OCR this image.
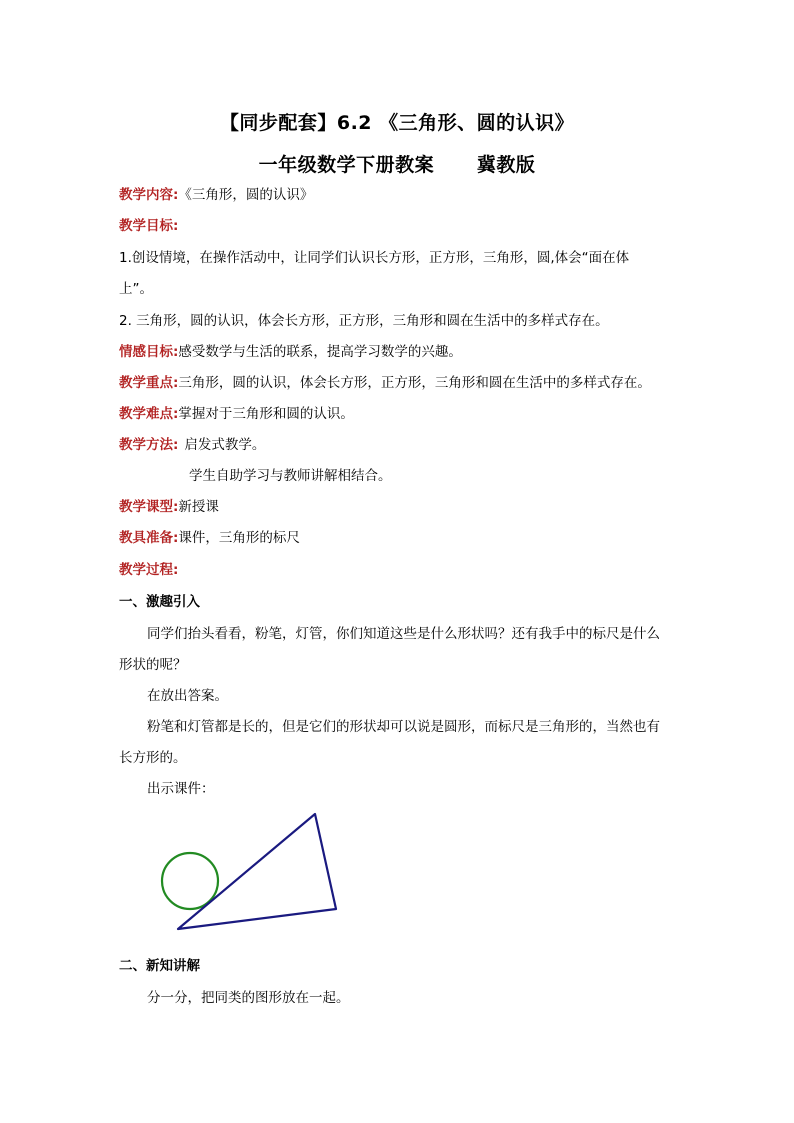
【同步配套】6.2 《三角形、圆的认识》
一年级数学下册教案      冀教版
教学内容:《三角形，圆的认识》
教学目标:
1.创设情境，在操作活动中，让同学们认识长方形，正方形，三角形，圆,体会“面在体
上”。
2. 三角形，圆的认识，体会长方形，正方形，三角形和圆在生活中的多样式存在。
情感目标:感受数学与生活的联系，提高学习数学的兴趣。
教学重点:三角形，圆的认识，体会长方形，正方形，三角形和圆在生活中的多样式存在。
教学难点:掌握对于三角形和圆的认识。
教学方法: 启发式教学。
学生自助学习与教师讲解相结合。
教学课型:新授课
教具准备:课件，三角形的标尺
教学过程:
一、激趣引入
同学们抬头看看，粉笔，灯管，你们知道这些是什么形状吗？还有我手中的标尺是什么
形状的呢？
在放出答案。
粉笔和灯管都是长的，但是它们的形状却可以说是圆形，而标尺是三角形的，当然也有
长方形的。
出示课件：
二、新知讲解
分一分，把同类的图形放在一起。
